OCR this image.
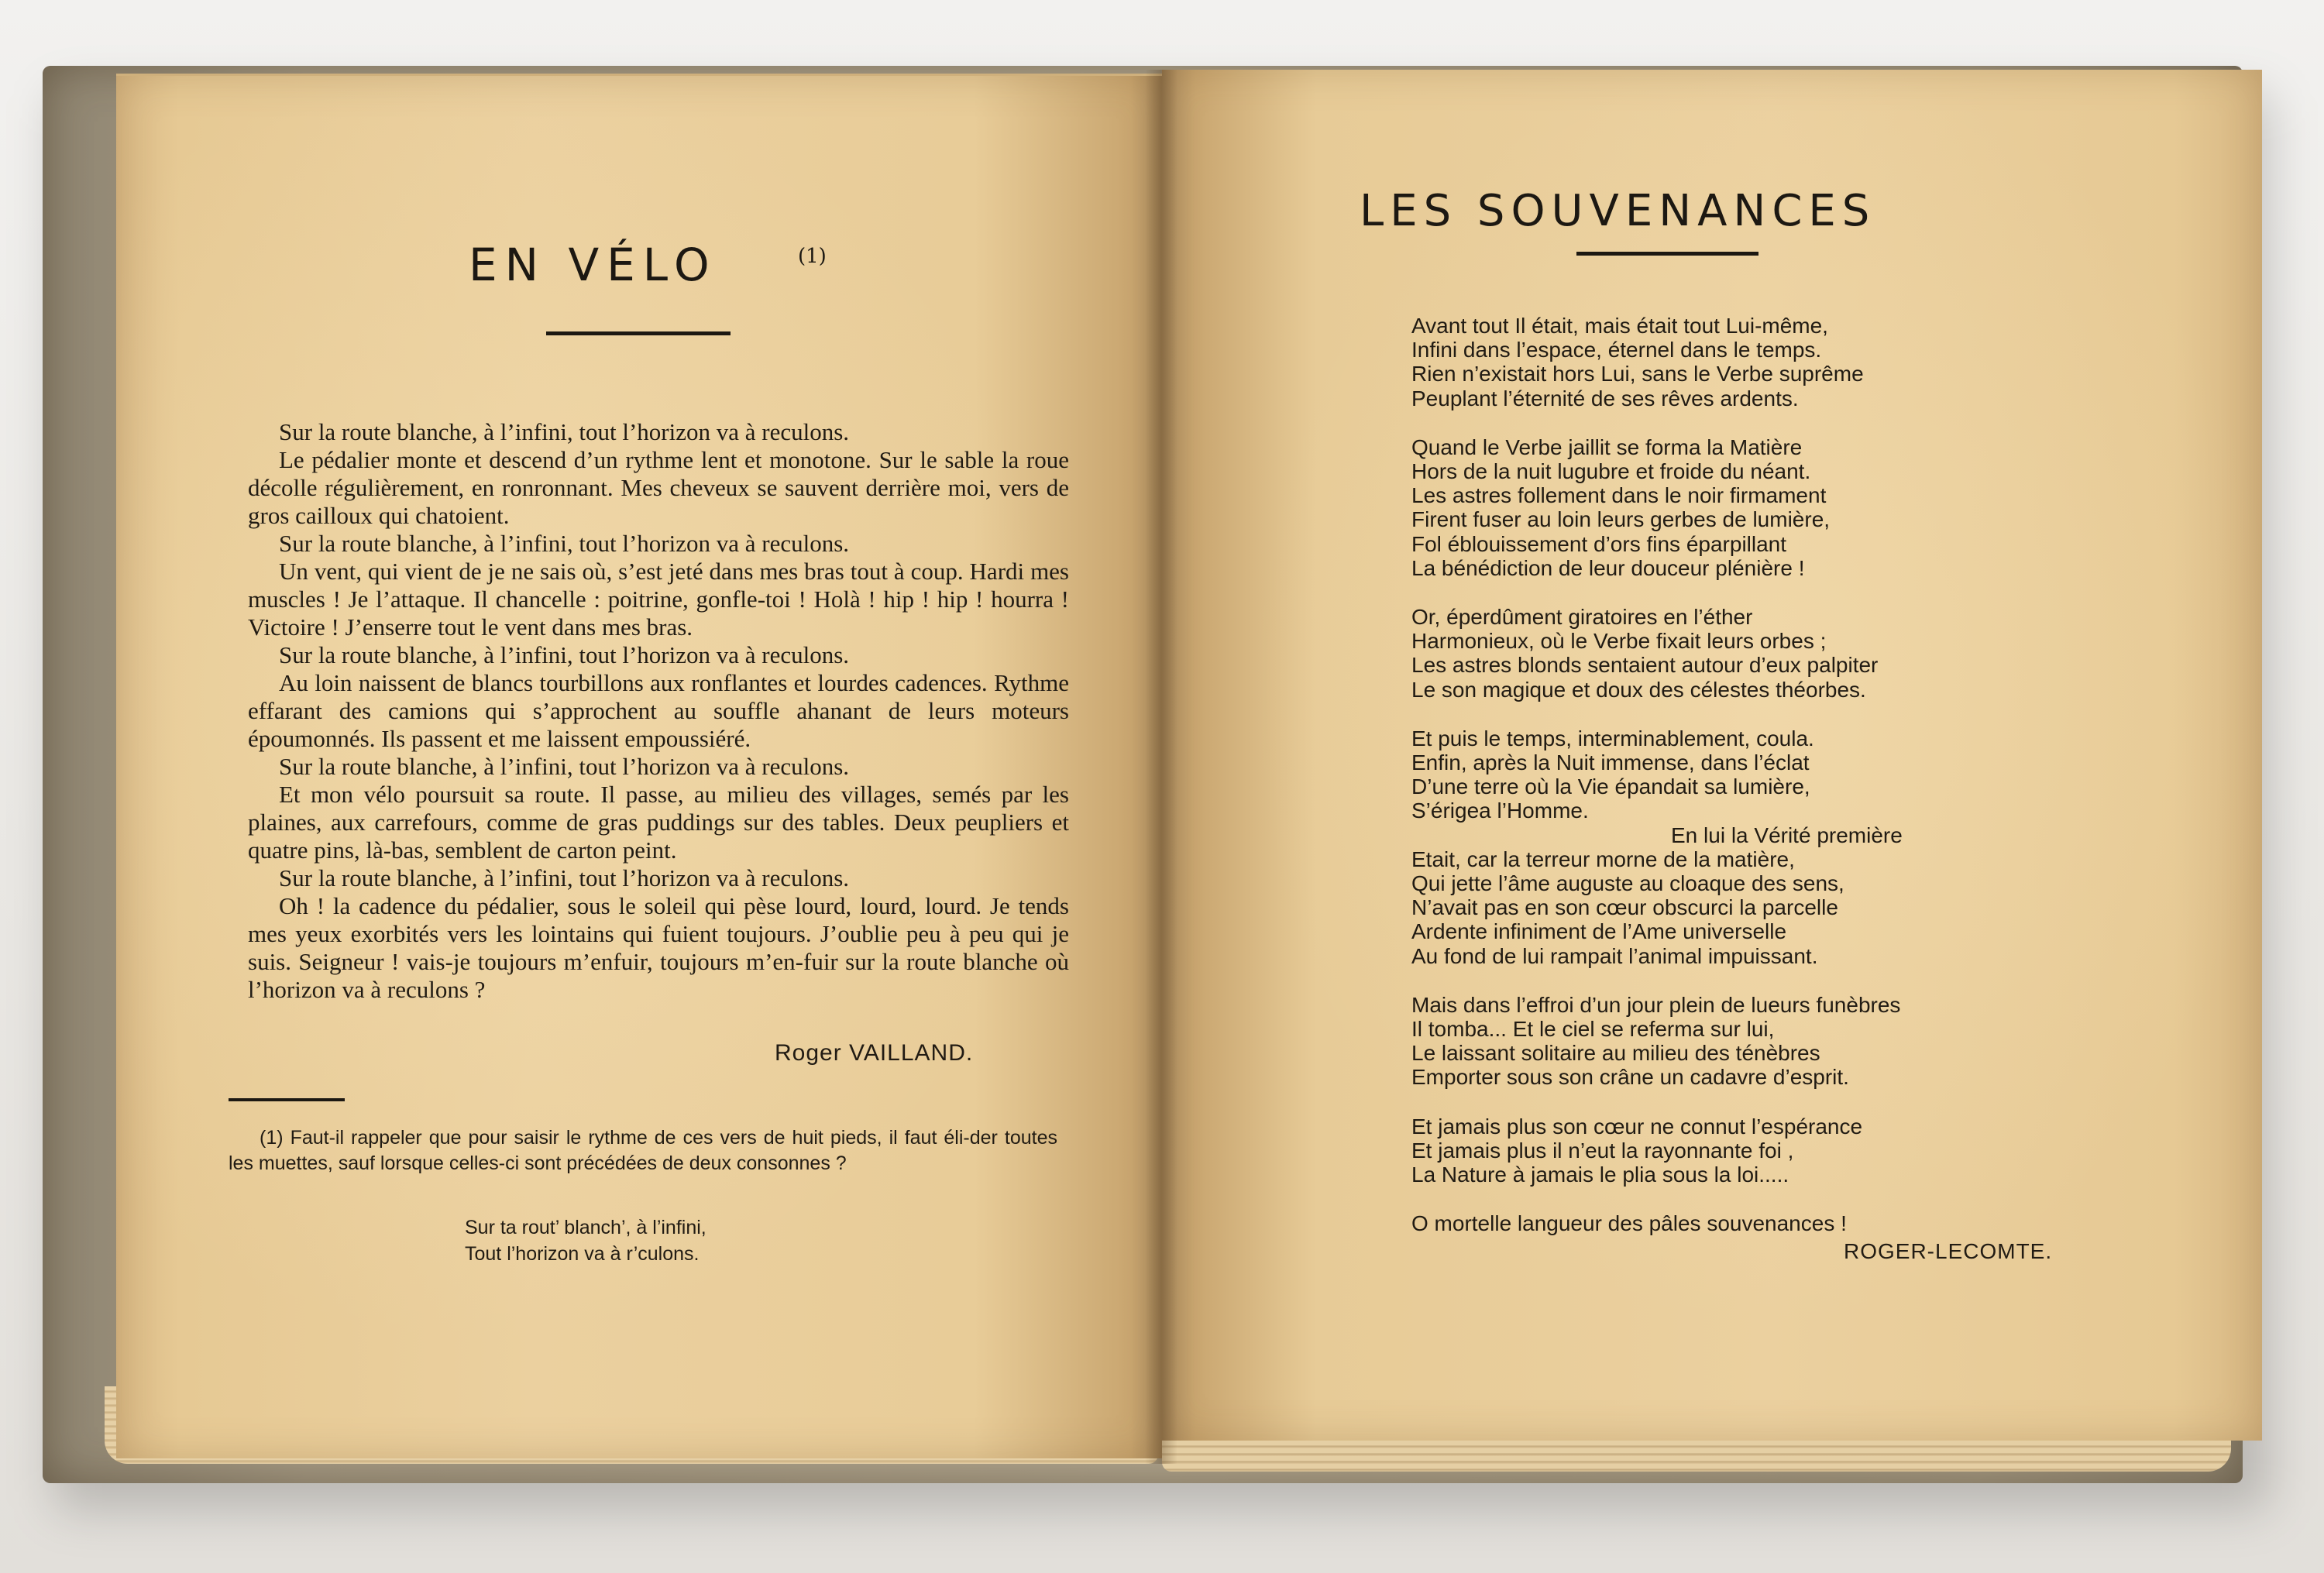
EN VÉLO	(1)

Sur la route blanche, à l’infini, tout l’horizon va à reculons.

Le pédalier monte et descend d’un rythme lent et monotone. Sur le sable la roue décolle régulièrement, en ronronnant. Mes cheveux se sauvent derrière moi, vers de gros cailloux qui chatoient.

Sur la route blanche, à l’infini, tout l’horizon va à reculons.

Un vent, qui vient de je ne sais où, s’est jeté dans mes bras tout à coup. Hardi mes muscles ! Je l’attaque. Il chancelle : poitrine, gonfle-toi ! Holà ! hip ! hip ! hourra ! Victoire ! J’enserre tout le vent dans mes bras.

Sur la route blanche, à l’infini, tout l’horizon va à reculons.

Au loin naissent de blancs tourbillons aux ronflantes et lourdes cadences. Rythme effarant des camions qui s’approchent au souffle ahanant de leurs moteurs époumonnés. Ils passent et me laissent empoussiéré.

Sur la route blanche, à l’infini, tout l’horizon va à reculons.

Et mon vélo poursuit sa route. Il passe, au milieu des villages, semés par les plaines, aux carrefours, comme de gras puddings sur des tables. Deux peupliers et quatre pins, là-bas, semblent de carton peint.

Sur la route blanche, à l’infini, tout l’horizon va à reculons.

Oh ! la cadence du pédalier, sous le soleil qui pèse lourd, lourd, lourd. Je tends mes yeux exorbités vers les lointains qui fuient toujours. J’oublie peu à peu qui je suis. Seigneur ! vais-je toujours m’enfuir, toujours m’en-fuir sur la route blanche où l’horizon va à reculons ?

Roger VAILLAND.

(1) Faut-il rappeler que pour saisir le rythme de ces vers de huit pieds, il faut éli-der toutes les muettes, sauf lorsque celles-ci sont précédées de deux consonnes ?

Sur ta rout’ blanch’, à l’infini,
Tout l’horizon va à r’culons.
LES SOUVENANCES
Avant tout Il était, mais était tout Lui-même,
Infini dans l’espace, éternel dans le temps.
Rien n’existait hors Lui, sans le Verbe suprême
Peuplant l’éternité de ses rêves ardents.
Quand le Verbe jaillit se forma la Matière
Hors de la nuit lugubre et froide du néant.
Les astres follement dans le noir firmament
Firent fuser au loin leurs gerbes de lumière,
Fol éblouissement d’ors fins éparpillant
La bénédiction de leur douceur plénière !
Or, éperdûment giratoires en l’éther
Harmonieux, où le Verbe fixait leurs orbes ;
Les astres blonds sentaient autour d’eux palpiter
Le son magique et doux des célestes théorbes.
Et puis le temps, interminablement, coula.
Enfin, après la Nuit immense, dans l’éclat
D’une terre où la Vie épandait sa lumière,
S’érigea l’Homme.
En lui la Vérité première
Etait, car la terreur morne de la matière,
Qui jette l’âme auguste au cloaque des sens,
N’avait pas en son cœur obscurci la parcelle
Ardente infiniment de l’Ame universelle
Au fond de lui rampait l’animal impuissant.
Mais dans l’effroi d’un jour plein de lueurs funèbres
Il tomba... Et le ciel se referma sur lui,
Le laissant solitaire au milieu des ténèbres
Emporter sous son crâne un cadavre d’esprit.
Et jamais plus son cœur ne connut l’espérance
Et jamais plus il n’eut la rayonnante foi ,
La Nature à jamais le plia sous la loi.....
O mortelle langueur des pâles souvenances !
ROGER-LECOMTE.
